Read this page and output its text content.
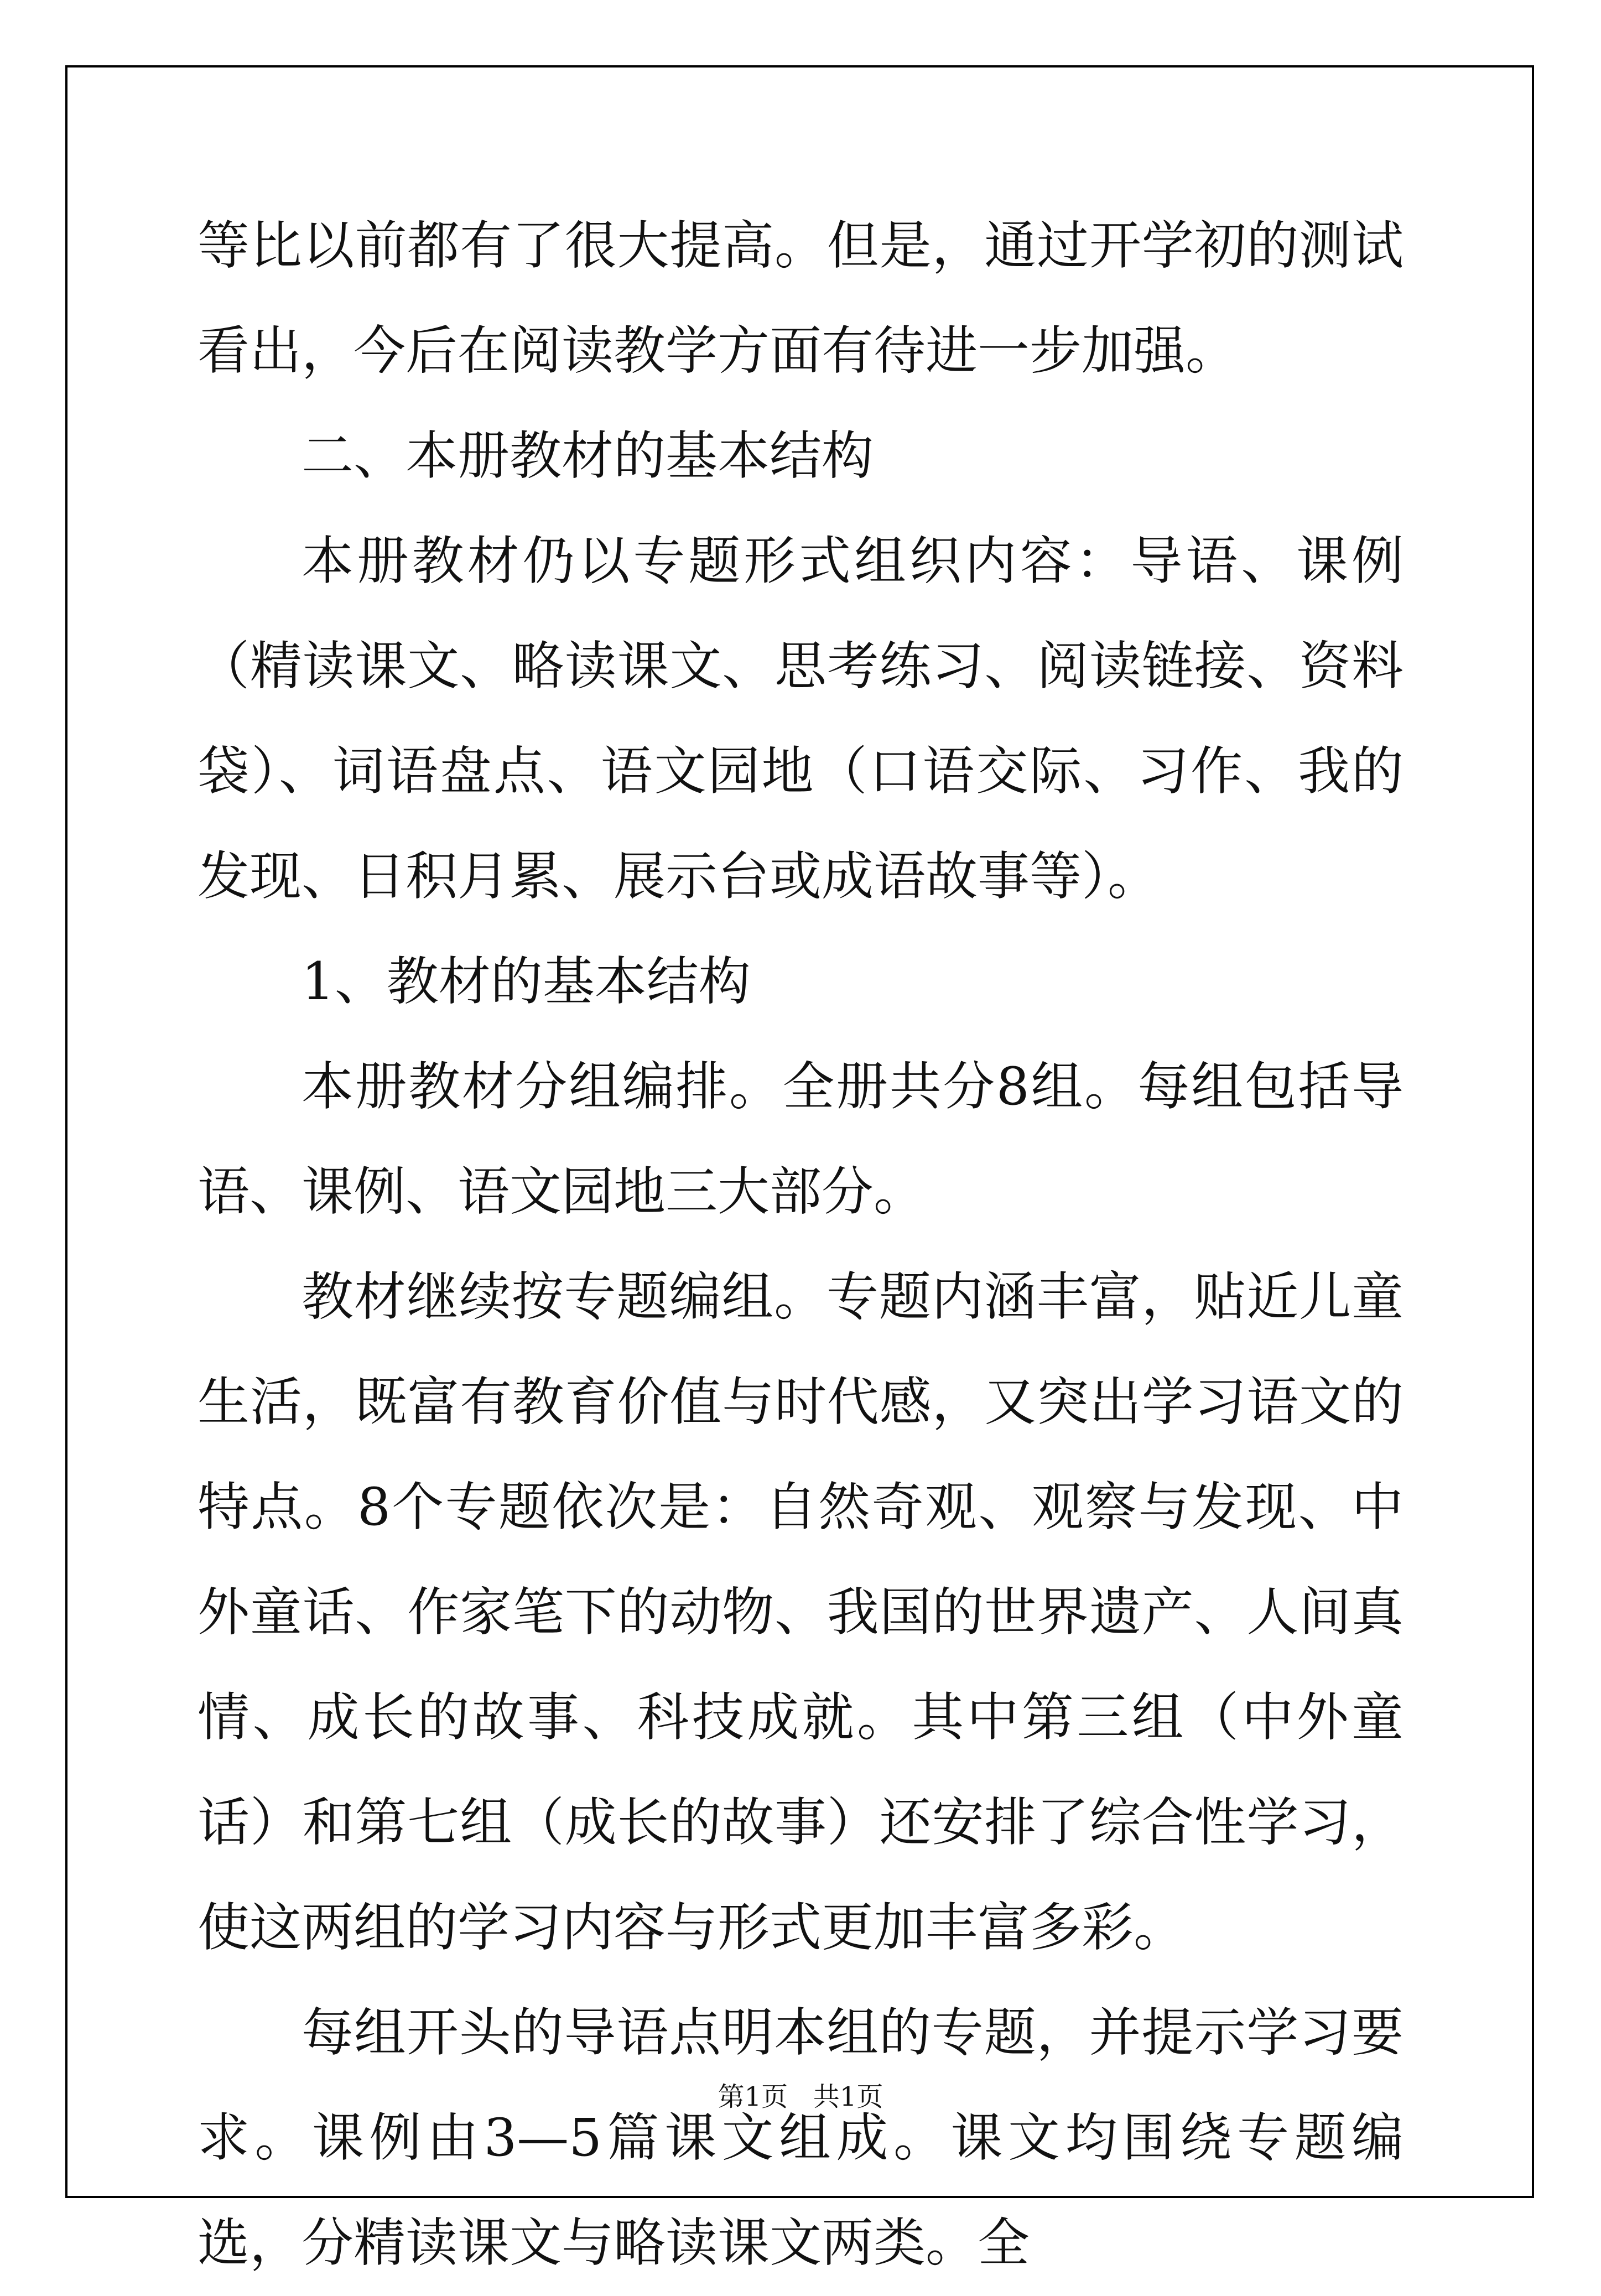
等比以前都有了很大提高。但是，通过开学初的测试看出，今后在阅读教学方面有待进一步加强。

二、本册教材的基本结构

本册教材仍以专题形式组织内容：导语、课例（精读课文、略读课文、思考练习、阅读链接、资料袋）、词语盘点、语文园地（口语交际、习作、我的发现、日积月累、展示台或成语故事等）。

1、教材的基本结构

本册教材分组编排。全册共分8组。每组包括导语、课例、语文园地三大部分。

教材继续按专题编组。专题内涵丰富，贴近儿童生活，既富有教育价值与时代感，又突出学习语文的特点。8个专题依次是：自然奇观、观察与发现、中外童话、作家笔下的动物、我国的世界遗产、人间真情、成长的故事、科技成就。其中第三组（中外童话）和第七组（成长的故事）还安排了综合性学习，使这两组的学习内容与形式更加丰富多彩。

每组开头的导语点明本组的专题，并提示学习要求。课例由3—5篇课文组成。课文均围绕专题编选，分精读课文与略读课文两类。全

第1页 共1页
